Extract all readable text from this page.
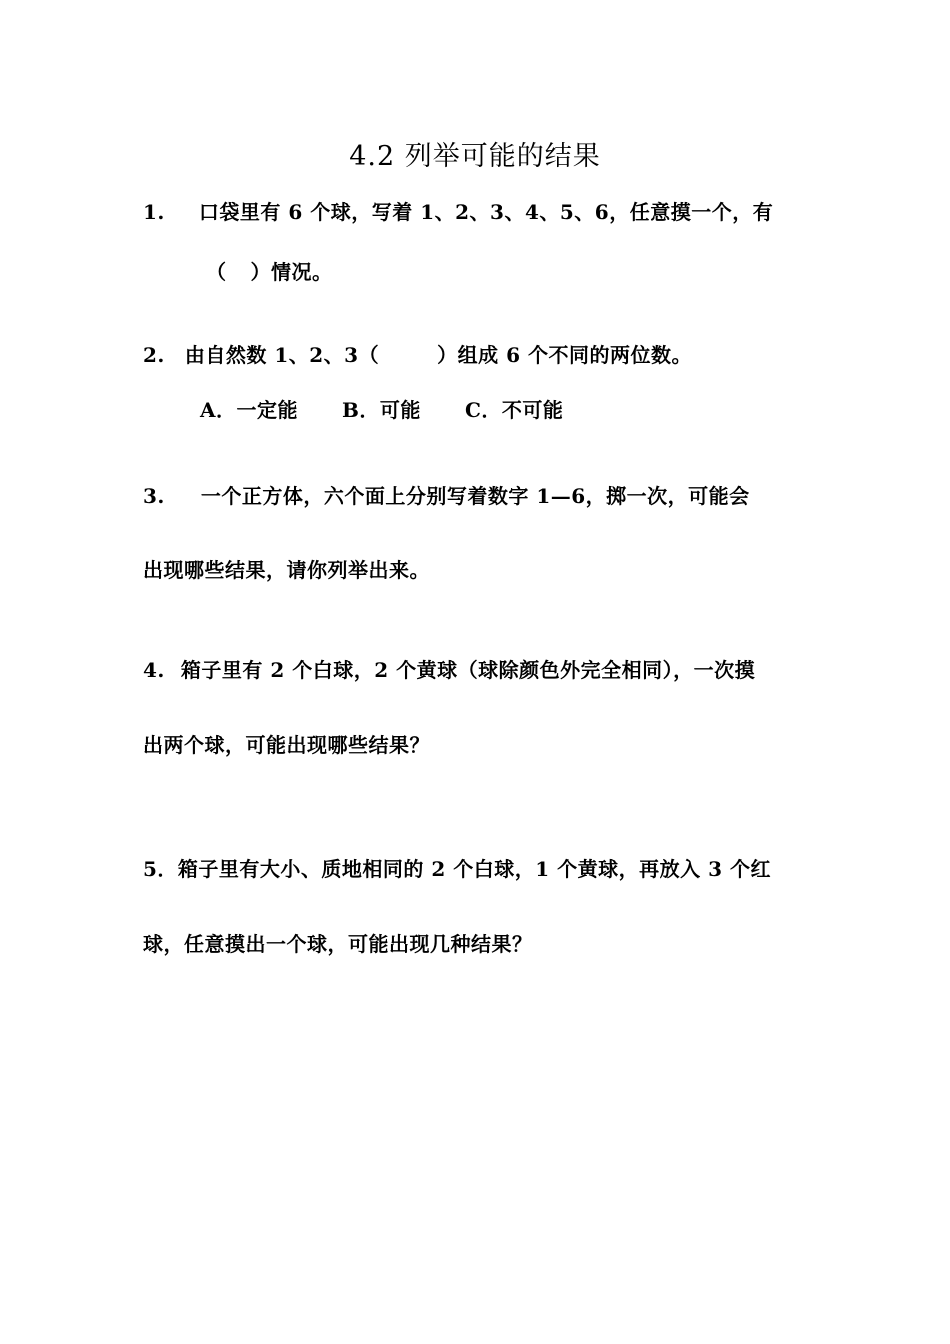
4.2 列举可能的结果
1. 口袋里有 6 个球，写着 1、2、3、4、5、6，任意摸一个，有
（ ）情况。
2. 由自然数 1、2、3（	）组成 6 个不同的两位数。
A．一定能 B．可能 C．不可能
3. 一个正方体，六个面上分别写着数字 1—6，掷一次，可能会
出现哪些结果，请你列举出来。
4. 箱子里有 2 个白球，2 个黄球（球除颜色外完全相同），一次摸
出两个球，可能出现哪些结果？
5．箱子里有大小、质地相同的 2 个白球，1 个黄球，再放入 3 个红
球，任意摸出一个球，可能出现几种结果？
